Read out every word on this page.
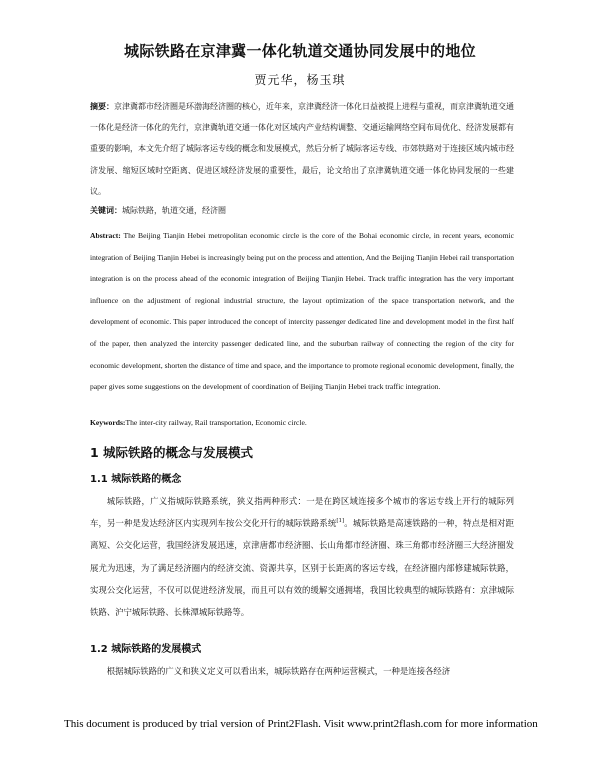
城际铁路在京津冀一体化轨道交通协同发展中的地位
贾元华，杨玉琪

摘要：京津冀都市经济圈是环渤海经济圈的核心，近年来，京津冀经济一体化日益被提上进程与重视，而京津冀轨道交通一体化是经济一体化的先行，京津冀轨道交通一体化对区域内产业结构调整、交通运输网络空间布局优化、经济发展都有重要的影响，本文先介绍了城际客运专线的概念和发展模式，然后分析了城际客运专线、市郊铁路对于连接区域内城市经济发展、缩短区域时空距离、促进区域经济发展的重要性，最后，论文给出了京津冀轨道交通一体化协同发展的一些建议。

关键词：城际铁路，轨道交通，经济圈

Abstract: The Beijing Tianjin Hebei metropolitan economic circle is the core of the Bohai economic circle, in recent years, economic integration of Beijing Tianjin Hebei is increasingly being put on the process and attention, And the Beijing Tianjin Hebei rail transportation integration is on the process ahead of the economic integration of Beijing Tianjin Hebei. Track traffic integration has the very important influence on the adjustment of regional industrial structure, the layout optimization of the space transportation network, and the development of economic. This paper introduced the concept of intercity passenger dedicated line and development model in the first half of the paper, then analyzed the intercity passenger dedicated line, and the suburban railway of connecting the region of the city for economic development, shorten the distance of time and space, and the importance to promote regional economic development, finally, the paper gives some suggestions on the development of coordination of Beijing Tianjin Hebei track traffic integration.

Keywords:The inter-city railway, Rail transportation, Economic circle.

1 城际铁路的概念与发展模式
1.1 城际铁路的概念

城际铁路，广义指城际铁路系统，狭义指两种形式：一是在跨区域连接多个城市的客运专线上开行的城际列车，另一种是发达经济区内实现列车按公交化开行的城际铁路系统[1]。城际铁路是高速铁路的一种，特点是相对距离短、公交化运营，我国经济发展迅速，京津唐都市经济圈、长山角都市经济圈、珠三角都市经济圈三大经济圈发展尤为迅速，为了满足经济圈内的经济交流、资源共享，区别于长距离的客运专线，在经济圈内部修建城际铁路，实现公交化运营，不仅可以促进经济发展，而且可以有效的缓解交通拥堵，我国比较典型的城际铁路有：京津城际铁路、沪宁城际铁路、长株潭城际铁路等。

1.2 城际铁路的发展模式

根据城际铁路的广义和狭义定义可以看出来，城际铁路存在两种运营模式，一种是连接各经济

This document is produced by trial version of Print2Flash. Visit www.print2flash.com for more information
